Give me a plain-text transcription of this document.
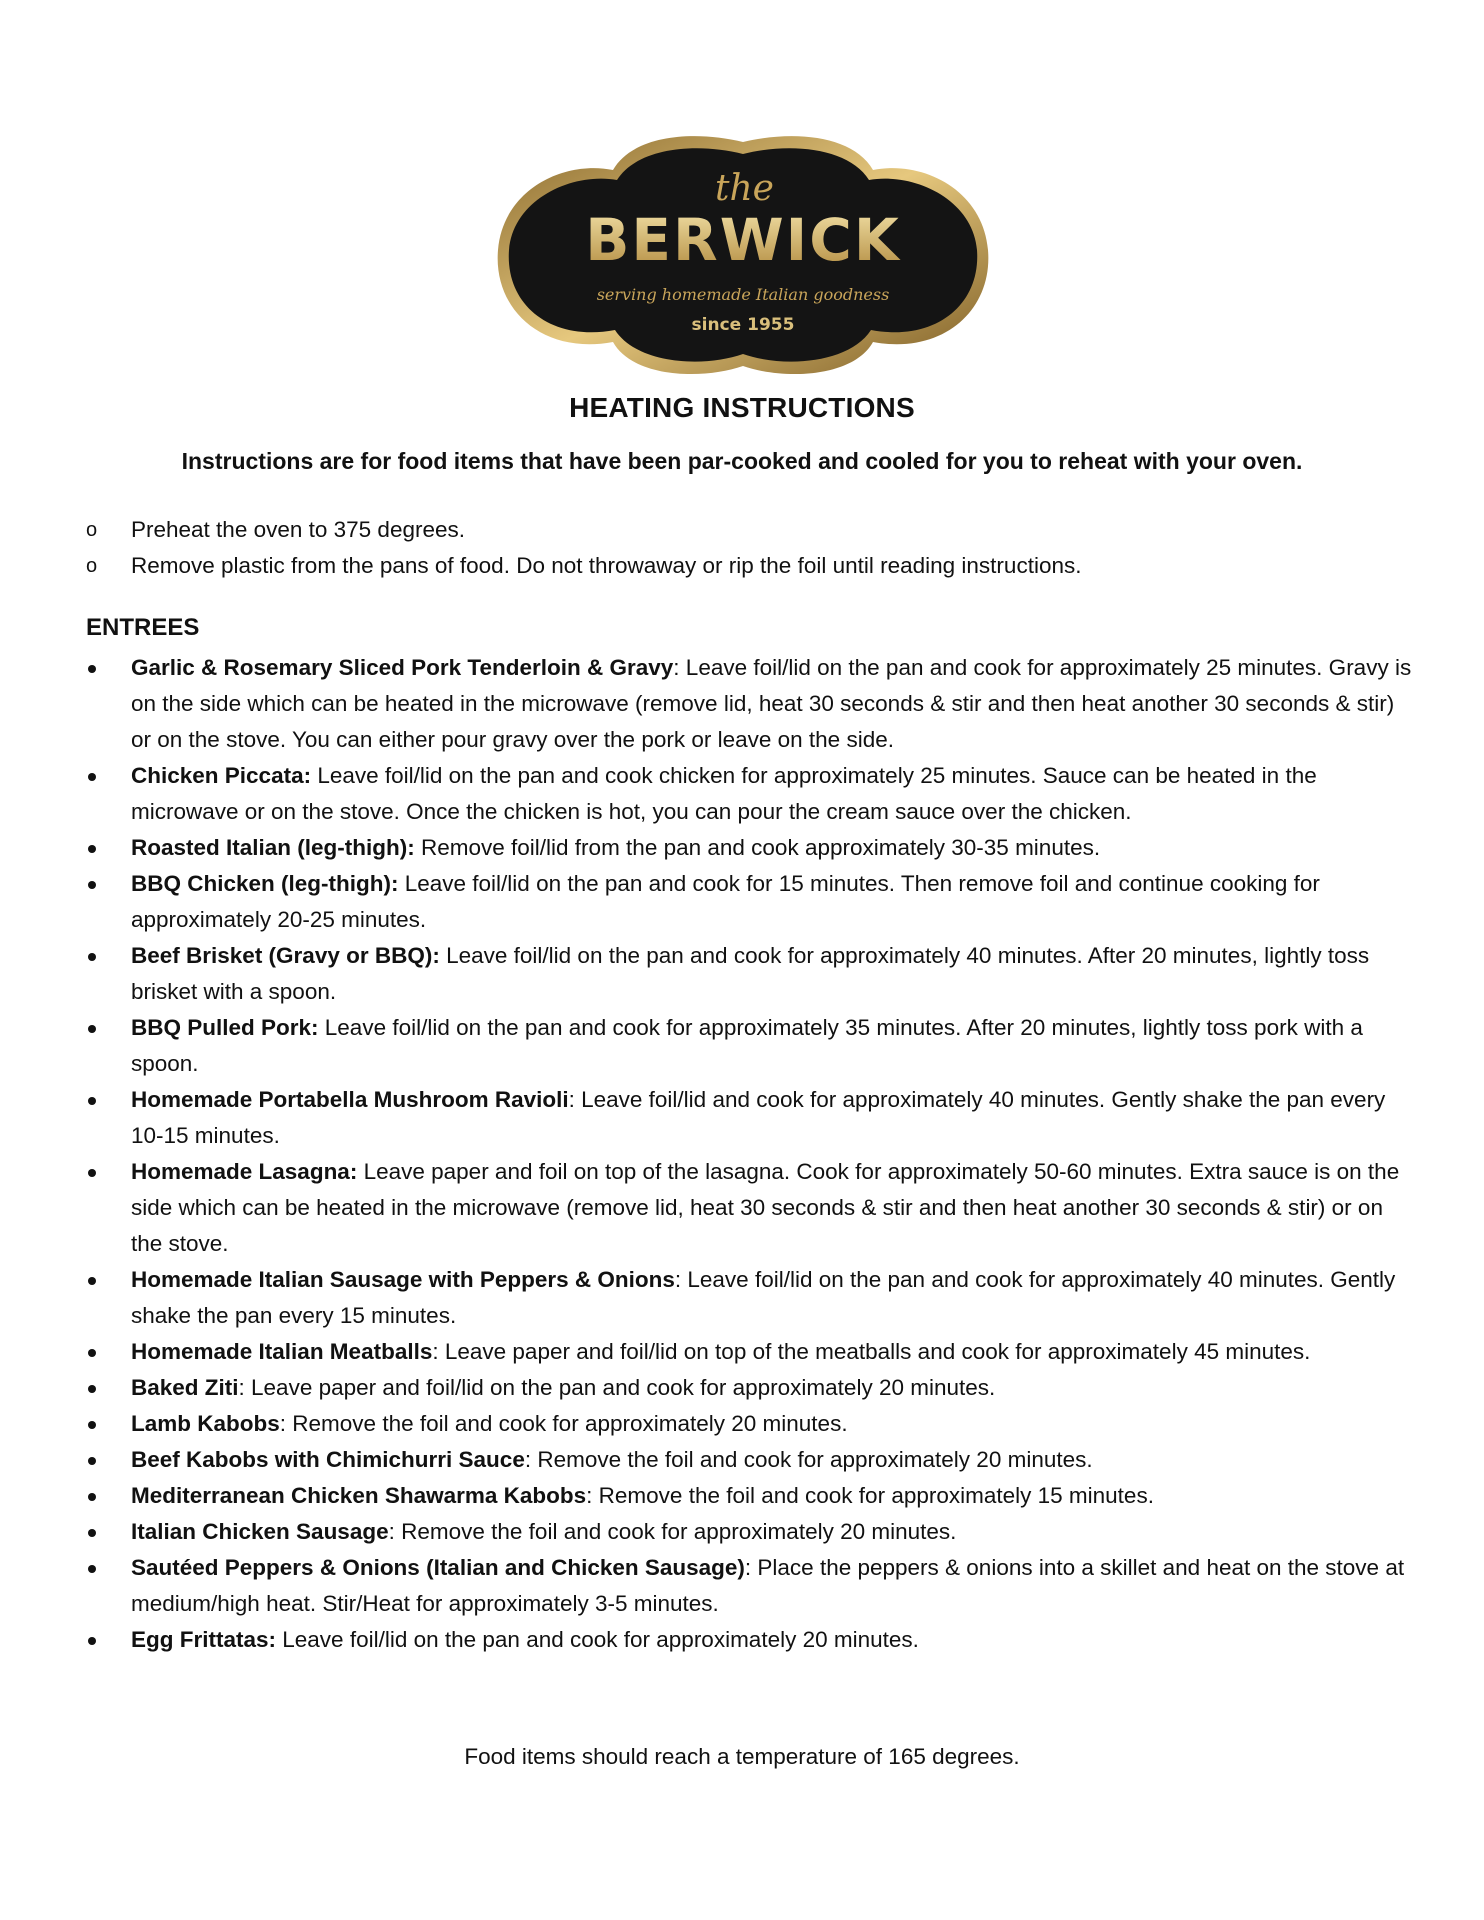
the
BERWICK
serving homemade Italian goodness
since 1955
HEATING INSTRUCTIONS
Instructions are for food items that have been par-cooked and cooled for you to reheat with your oven.
o Preheat the oven to 375 degrees.
o Remove plastic from the pans of food. Do not throwaway or rip the foil until reading instructions.
ENTREES
Garlic & Rosemary Sliced Pork Tenderloin & Gravy: Leave foil/lid on the pan and cook for approximately 25 minutes. Gravy is on the side which can be heated in the microwave (remove lid, heat 30 seconds & stir and then heat another 30 seconds & stir) or on the stove. You can either pour gravy over the pork or leave on the side.
Chicken Piccata: Leave foil/lid on the pan and cook chicken for approximately 25 minutes. Sauce can be heated in the microwave or on the stove. Once the chicken is hot, you can pour the cream sauce over the chicken.
Roasted Italian (leg-thigh): Remove foil/lid from the pan and cook approximately 30-35 minutes.
BBQ Chicken (leg-thigh): Leave foil/lid on the pan and cook for 15 minutes. Then remove foil and continue cooking for approximately 20-25 minutes.
Beef Brisket (Gravy or BBQ): Leave foil/lid on the pan and cook for approximately 40 minutes. After 20 minutes, lightly toss brisket with a spoon.
BBQ Pulled Pork: Leave foil/lid on the pan and cook for approximately 35 minutes. After 20 minutes, lightly toss pork with a spoon.
Homemade Portabella Mushroom Ravioli: Leave foil/lid and cook for approximately 40 minutes. Gently shake the pan every 10-15 minutes.
Homemade Lasagna: Leave paper and foil on top of the lasagna. Cook for approximately 50-60 minutes. Extra sauce is on the side which can be heated in the microwave (remove lid, heat 30 seconds & stir and then heat another 30 seconds & stir) or on the stove.
Homemade Italian Sausage with Peppers & Onions: Leave foil/lid on the pan and cook for approximately 40 minutes. Gently shake the pan every 15 minutes.
Homemade Italian Meatballs: Leave paper and foil/lid on top of the meatballs and cook for approximately 45 minutes.
Baked Ziti: Leave paper and foil/lid on the pan and cook for approximately 20 minutes.
Lamb Kabobs: Remove the foil and cook for approximately 20 minutes.
Beef Kabobs with Chimichurri Sauce: Remove the foil and cook for approximately 20 minutes.
Mediterranean Chicken Shawarma Kabobs: Remove the foil and cook for approximately 15 minutes.
Italian Chicken Sausage: Remove the foil and cook for approximately 20 minutes.
Sautéed Peppers & Onions (Italian and Chicken Sausage): Place the peppers & onions into a skillet and heat on the stove at medium/high heat. Stir/Heat for approximately 3-5 minutes.
Egg Frittatas: Leave foil/lid on the pan and cook for approximately 20 minutes.
Food items should reach a temperature of 165 degrees.
